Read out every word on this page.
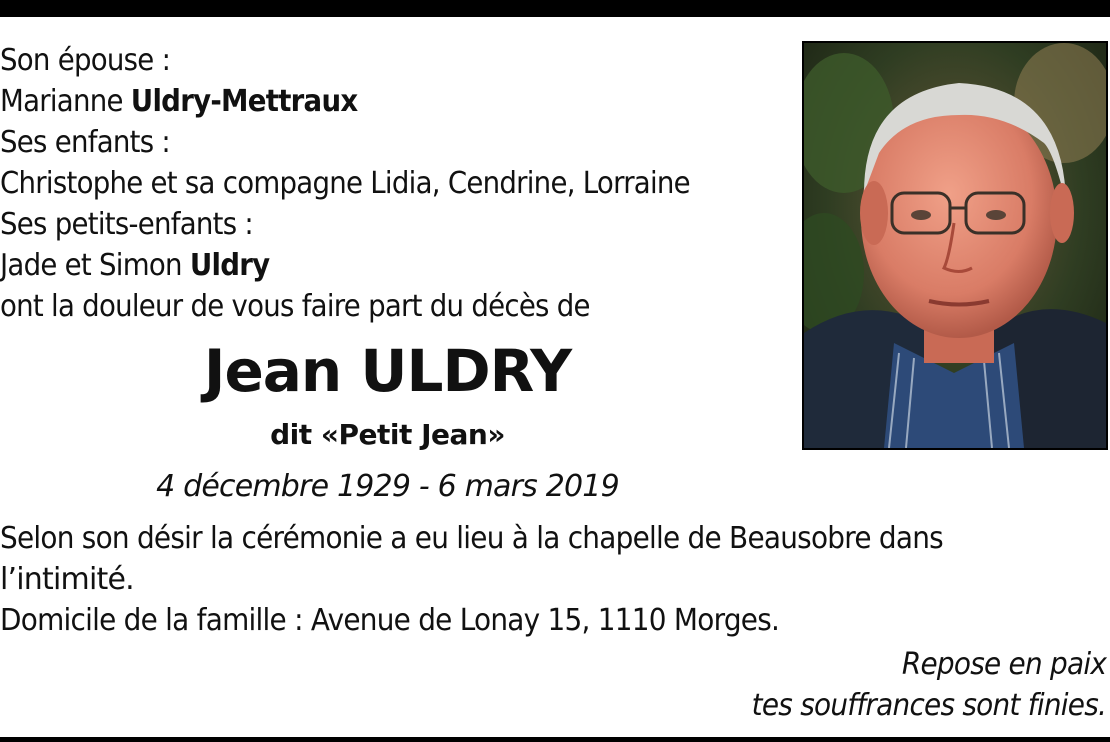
Son épouse :
Marianne Uldry-Mettraux
Ses enfants :
Christophe et sa compagne Lidia, Cendrine, Lorraine
Ses petits-enfants :
Jade et Simon Uldry
ont la douleur de vous faire part du décès de
Jean ULDRY
dit «Petit Jean»
4 décembre 1929 - 6 mars 2019

Selon son désir la cérémonie a eu lieu à la chapelle de Beausobre dans

l’intimité.

Domicile de la famille : Avenue de Lonay 15, 1110 Morges.

Repose en paix
tes souffrances sont finies.
